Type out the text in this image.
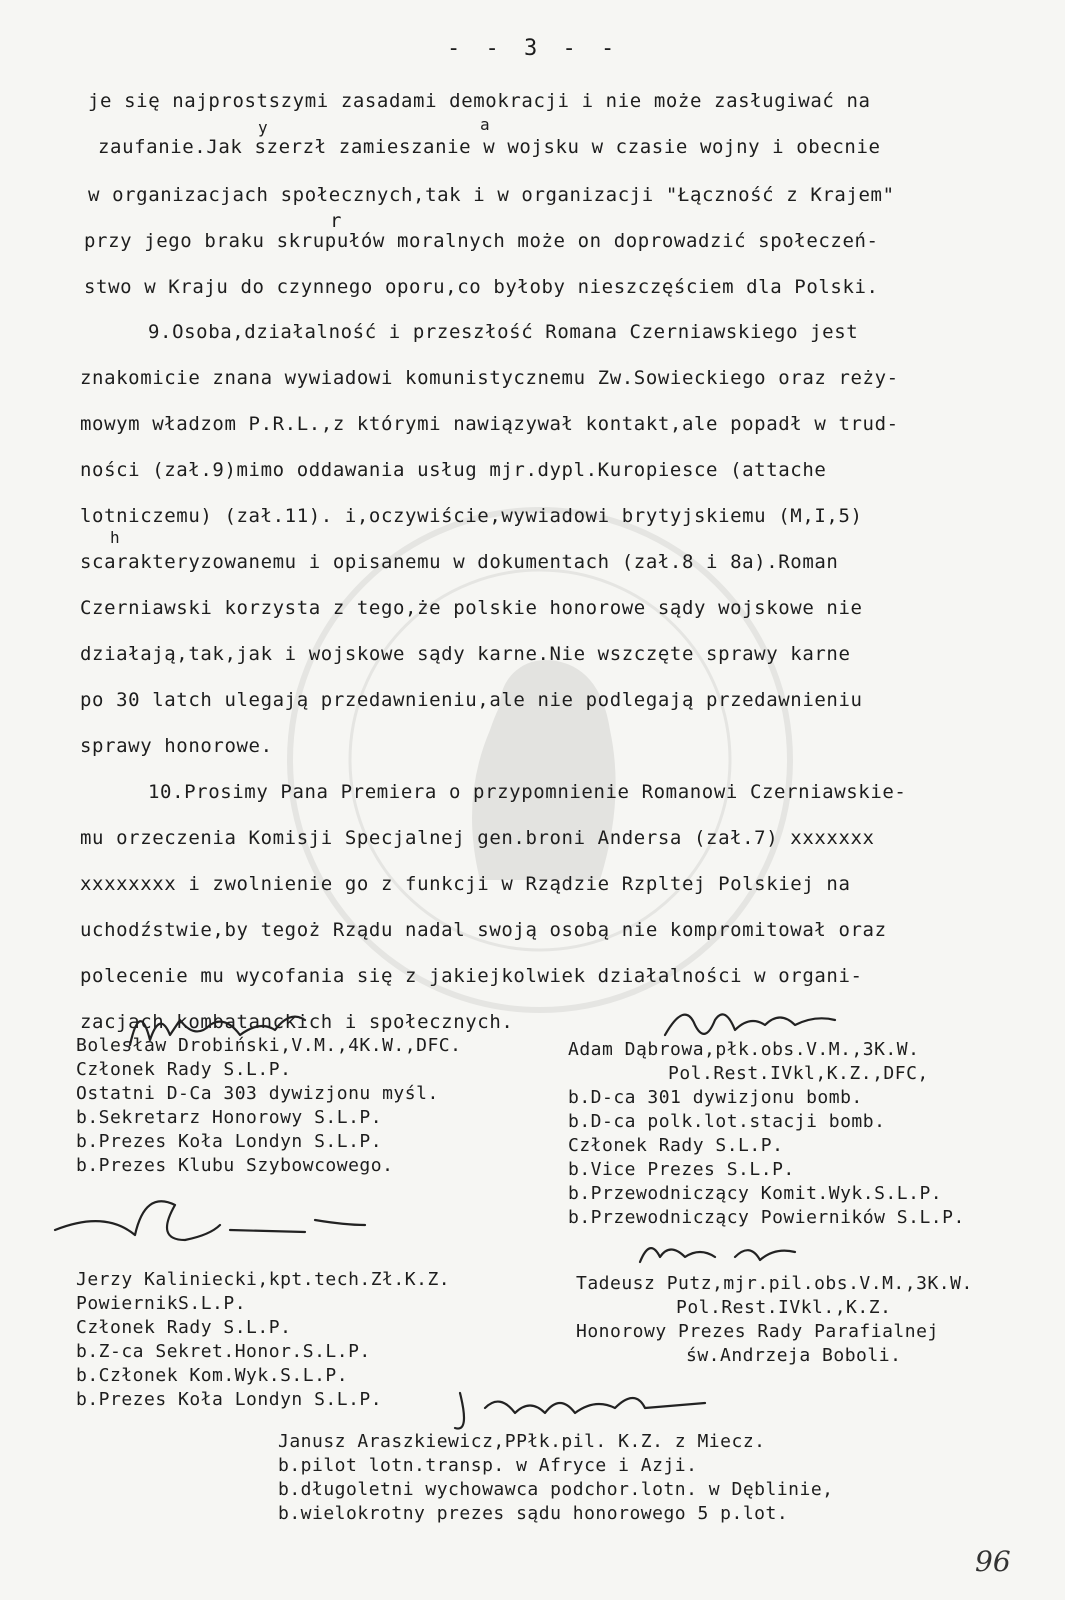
- - 3 - -
je się najprostszymi zasadami demokracji i nie może zasługiwać na
zaufanie.Jak szerzł zamieszanie w wojsku w czasie wojny i obecnie
w organizacjach społecznych,tak i w organizacji "Łączność z Krajem"
przy jego braku skrupułów moralnych może on doprowadzić społeczeń-
stwo w Kraju do czynnego oporu,co byłoby nieszczęściem dla Polski.
9.Osoba,działalność i przeszłość Romana Czerniawskiego jest
znakomicie znana wywiadowi komunistycznemu Zw.Sowieckiego oraz reży-
mowym władzom P.R.L.,z którymi nawiązywał kontakt,ale popadł w trud-
ności (zał.9)mimo oddawania usług mjr.dypl.Kuropiesce (attache
lotniczemu) (zał.11). i,oczywiście,wywiadowi brytyjskiemu (M,I,5)
scarakteryzowanemu i opisanemu w dokumentach (zał.8 i 8a).Roman
Czerniawski korzysta z tego,że polskie honorowe sądy wojskowe nie
działają,tak,jak i wojskowe sądy karne.Nie wszczęte sprawy karne
po 30 latch ulegają przedawnieniu,ale nie podlegają przedawnieniu
sprawy honorowe.
10.Prosimy Pana Premiera o przypomnienie Romanowi Czerniawskie-
mu orzeczenia Komisji Specjalnej gen.broni Andersa (zał.7) xxxxxxx
xxxxxxxx i zwolnienie go z funkcji w Rządzie Rzpltej Polskiej na
uchodźstwie,by tegoż Rządu nadal swoją osobą nie kompromitował oraz
polecenie mu wycofania się z jakiejkolwiek działalności w organi-
zacjach kombatanckich i społecznych.
y	a
r
h
Bolesław Drobiński,V.M.,4K.W.,DFC.
Członek Rady S.L.P.
Ostatni D-Ca 303 dywizjonu myśl.
b.Sekretarz Honorowy S.L.P.
b.Prezes Koła Londyn S.L.P.
b.Prezes Klubu Szybowcowego.
Adam Dąbrowa,płk.obs.V.M.,3K.W.
Pol.Rest.IVkl,K.Z.,DFC,
b.D-ca 301 dywizjonu bomb.
b.D-ca polk.lot.stacji bomb.
Członek Rady S.L.P.
b.Vice Prezes S.L.P.
b.Przewodniczący Komit.Wyk.S.L.P.
b.Przewodniczący Powierników S.L.P.
Jerzy Kaliniecki,kpt.tech.Zł.K.Z.
PowiernikS.L.P.
Członek Rady S.L.P.
b.Z-ca Sekret.Honor.S.L.P.
b.Członek Kom.Wyk.S.L.P.
b.Prezes Koła Londyn S.L.P.
Tadeusz Putz,mjr.pil.obs.V.M.,3K.W.
Pol.Rest.IVkl.,K.Z.
Honorowy Prezes Rady Parafialnej
św.Andrzeja Boboli.
Janusz Araszkiewicz,PPłk.pil. K.Z. z Miecz.
b.pilot lotn.transp. w Afryce i Azji.
b.długoletni wychowawca podchor.lotn. w Dęblinie,
b.wielokrotny prezes sądu honorowego 5 p.lot.
96
